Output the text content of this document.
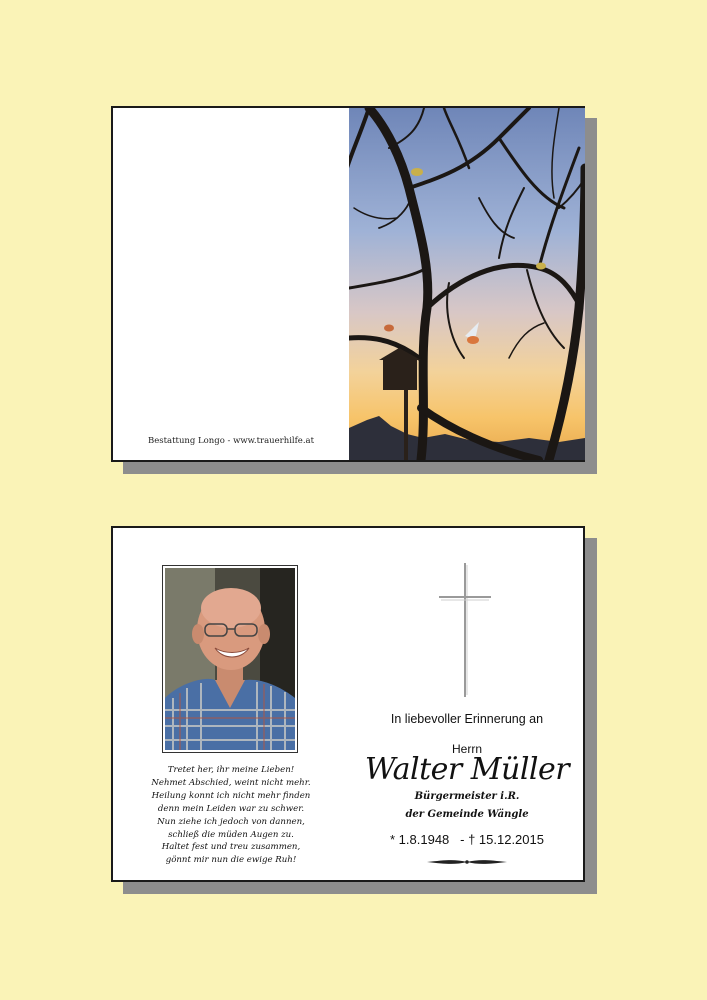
Bestattung Longo - www.trauerhilfe.at
Tretet her, ihr meine Lieben!
Nehmet Abschied, weint nicht mehr.
Heilung konnt ich nicht mehr finden
denn mein Leiden war zu schwer.
Nun ziehe ich jedoch von dannen,
schließ die müden Augen zu.
Haltet fest und treu zusammen,
gönnt mir nun die ewige Ruh!
In liebevoller Erinnerung an
Herrn
Walter Müller
Bürgermeister i.R.
der Gemeinde Wängle
* 1.8.1948 - † 15.12.2015
